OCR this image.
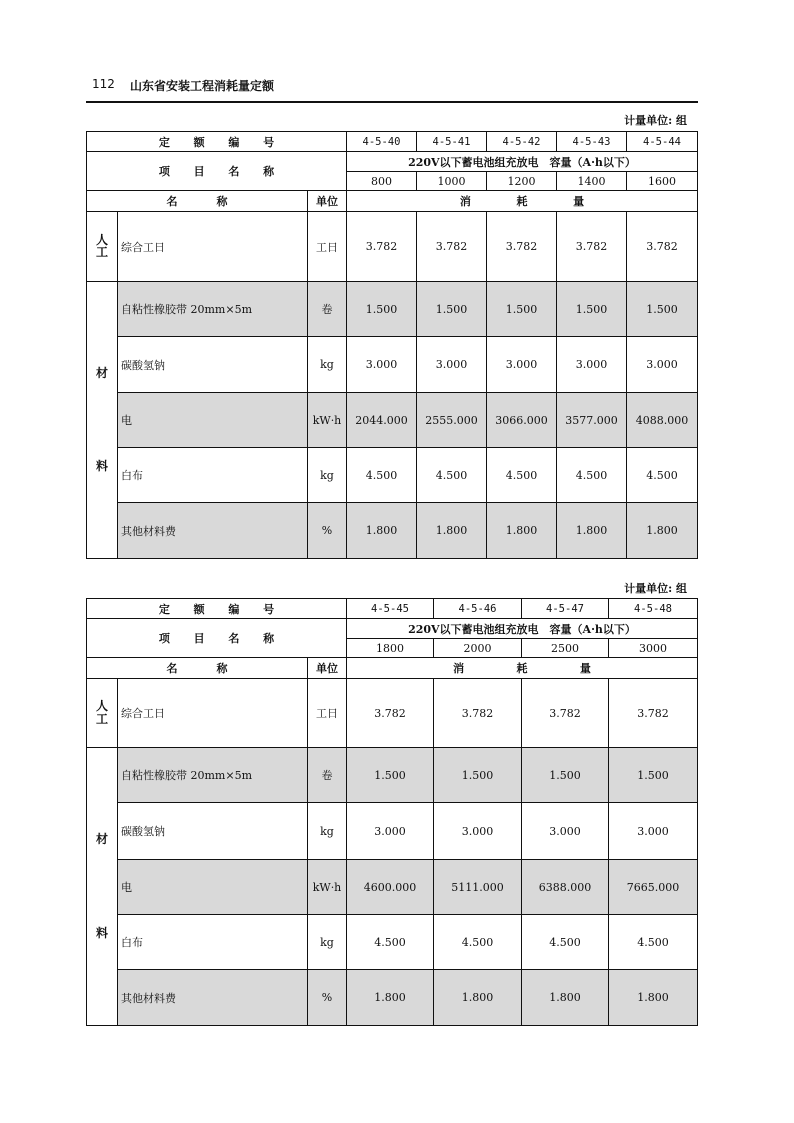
112 山东省安装工程消耗量定额
计量单位: 组
定 额 编 号			4-5-40	4-5-41	4-5-42	4-5-43	4-5-44

项 目 名 称			220V以下蓄电池组充放电　容量（A·h以下）				
			800	1000	1200	1400	1600

名 称		单位	消 耗 量				

人工	综合工日	工日	3.782	3.782	3.782	3.782	3.782

材
料	自粘性橡胶带 20mm×5m	卷	1.500	1.500	1.500	1.500	1.500
	碳酸氢钠	kg	3.000	3.000	3.000	3.000	3.000
	电	kW·h	2044.000	2555.000	3066.000	3577.000	4088.000
	白布	kg	4.500	4.500	4.500	4.500	4.500
	其他材料费	%	1.800	1.800	1.800	1.800	1.800
计量单位: 组
定 额 编 号			4-5-45	4-5-46	4-5-47	4-5-48

项 目 名 称			220V以下蓄电池组充放电　容量（A·h以下）			
			1800	2000	2500	3000

名 称		单位	消 耗 量			

人工	综合工日	工日	3.782	3.782	3.782	3.782

材
料	自粘性橡胶带 20mm×5m	卷	1.500	1.500	1.500	1.500
	碳酸氢钠	kg	3.000	3.000	3.000	3.000
	电	kW·h	4600.000	5111.000	6388.000	7665.000
	白布	kg	4.500	4.500	4.500	4.500
	其他材料费	%	1.800	1.800	1.800	1.800
